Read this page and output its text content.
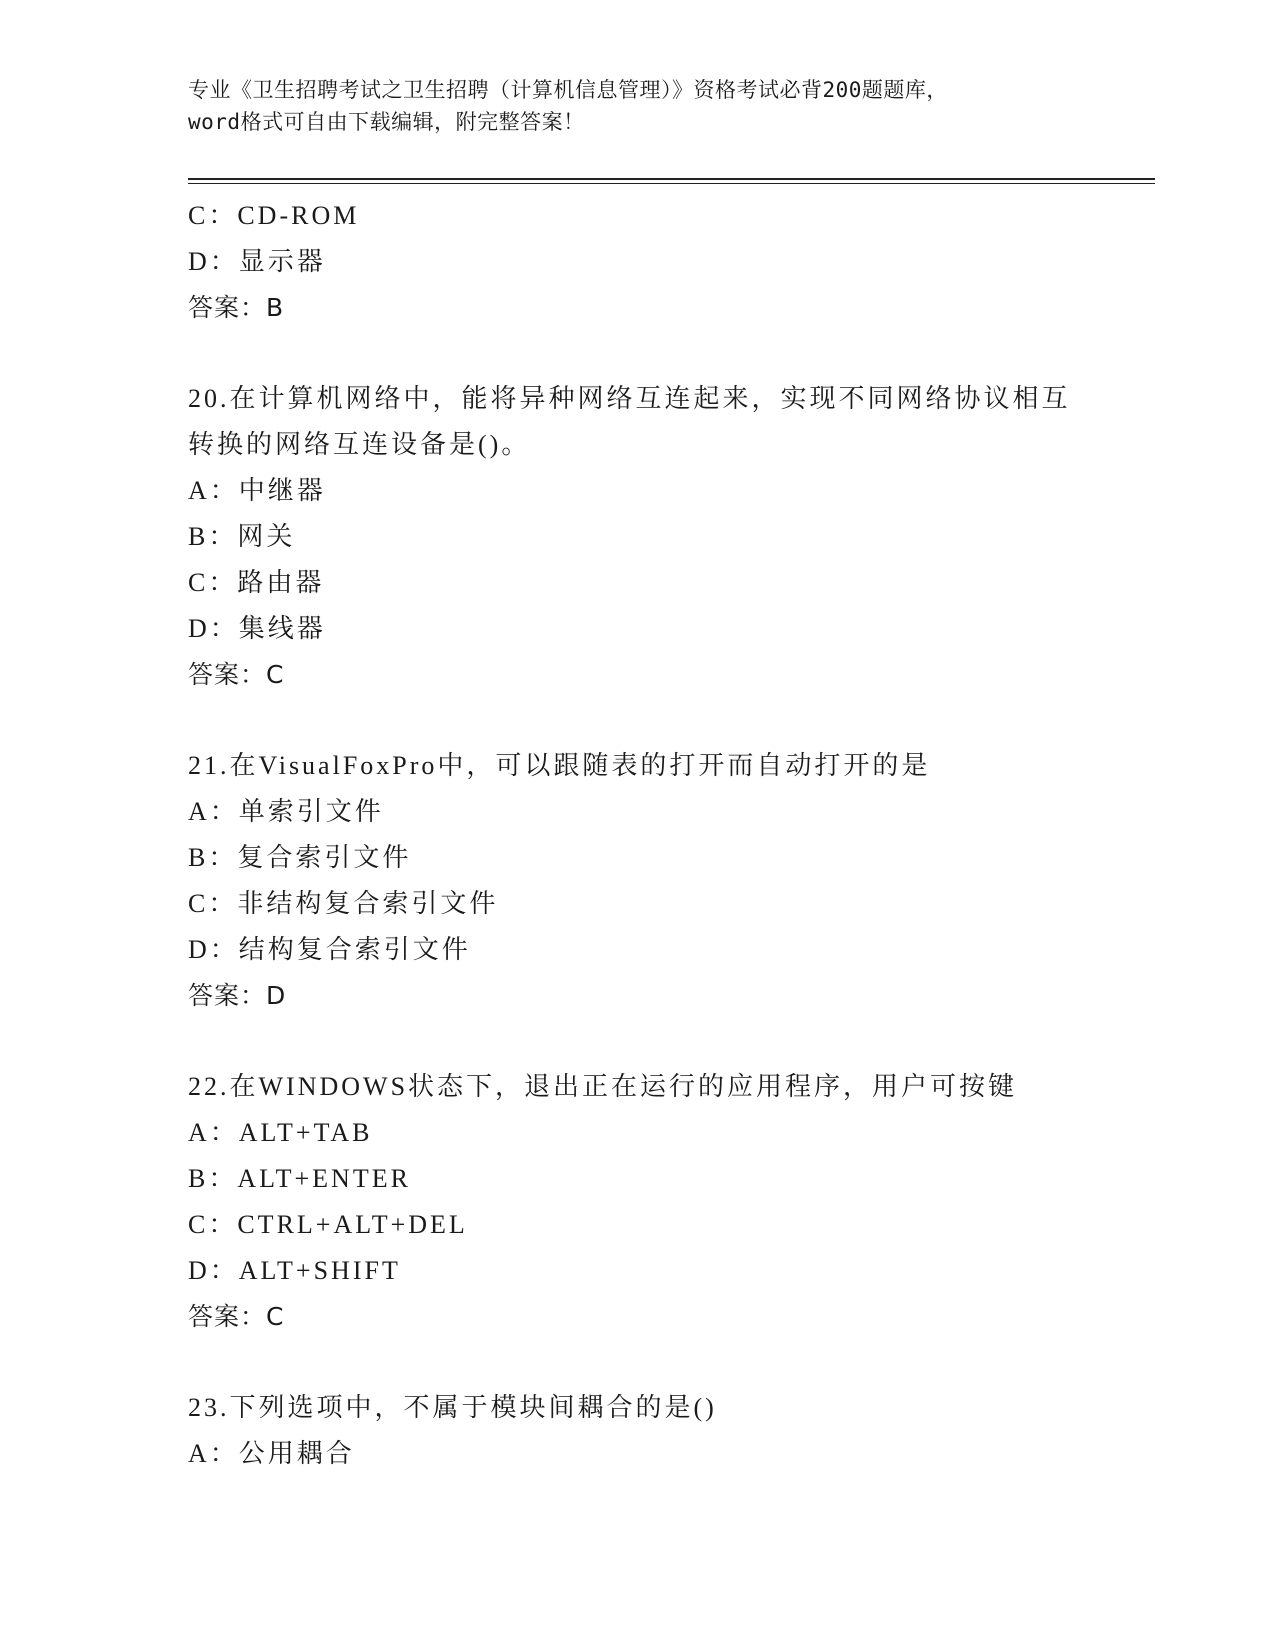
专业《卫生招聘考试之卫生招聘（计算机信息管理）》资格考试必背200题题库，
word格式可自由下载编辑，附完整答案！
C：CD-ROM
D：显示器
答案：B
20.在计算机网络中，能将异种网络互连起来，实现不同网络协议相互
转换的网络互连设备是()。
A：中继器
B：网关
C：路由器
D：集线器
答案：C
21.在VisualFoxPro中，可以跟随表的打开而自动打开的是
A：单索引文件
B：复合索引文件
C：非结构复合索引文件
D：结构复合索引文件
答案：D
22.在WINDOWS状态下，退出正在运行的应用程序，用户可按键
A：ALT+TAB
B：ALT+ENTER
C：CTRL+ALT+DEL
D：ALT+SHIFT
答案：C
23.下列选项中，不属于模块间耦合的是()
A：公用耦合
